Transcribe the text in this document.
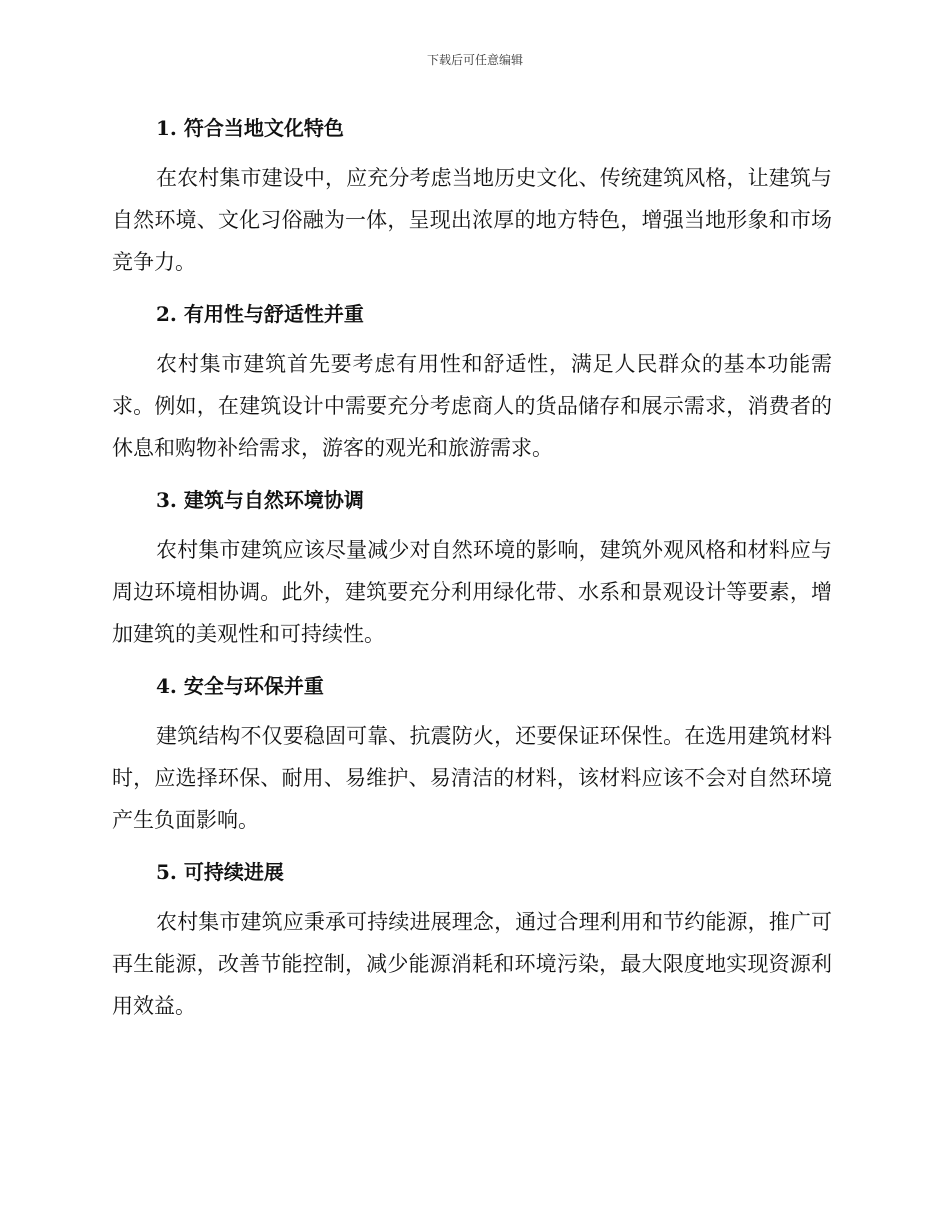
下载后可任意编辑
1. 符合当地文化特色
在农村集市建设中，应充分考虑当地历史文化、传统建筑风格，让建筑与自然环境、文化习俗融为一体，呈现出浓厚的地方特色，增强当地形象和市场竞争力。
2. 有用性与舒适性并重
农村集市建筑首先要考虑有用性和舒适性，满足人民群众的基本功能需求。例如，在建筑设计中需要充分考虑商人的货品储存和展示需求，消费者的休息和购物补给需求，游客的观光和旅游需求。
3. 建筑与自然环境协调
农村集市建筑应该尽量减少对自然环境的影响，建筑外观风格和材料应与周边环境相协调。此外，建筑要充分利用绿化带、水系和景观设计等要素，增加建筑的美观性和可持续性。
4. 安全与环保并重
建筑结构不仅要稳固可靠、抗震防火，还要保证环保性。在选用建筑材料时，应选择环保、耐用、易维护、易清洁的材料，该材料应该不会对自然环境产生负面影响。
5. 可持续进展
农村集市建筑应秉承可持续进展理念，通过合理利用和节约能源，推广可再生能源，改善节能控制，减少能源消耗和环境污染，最大限度地实现资源利用效益。
